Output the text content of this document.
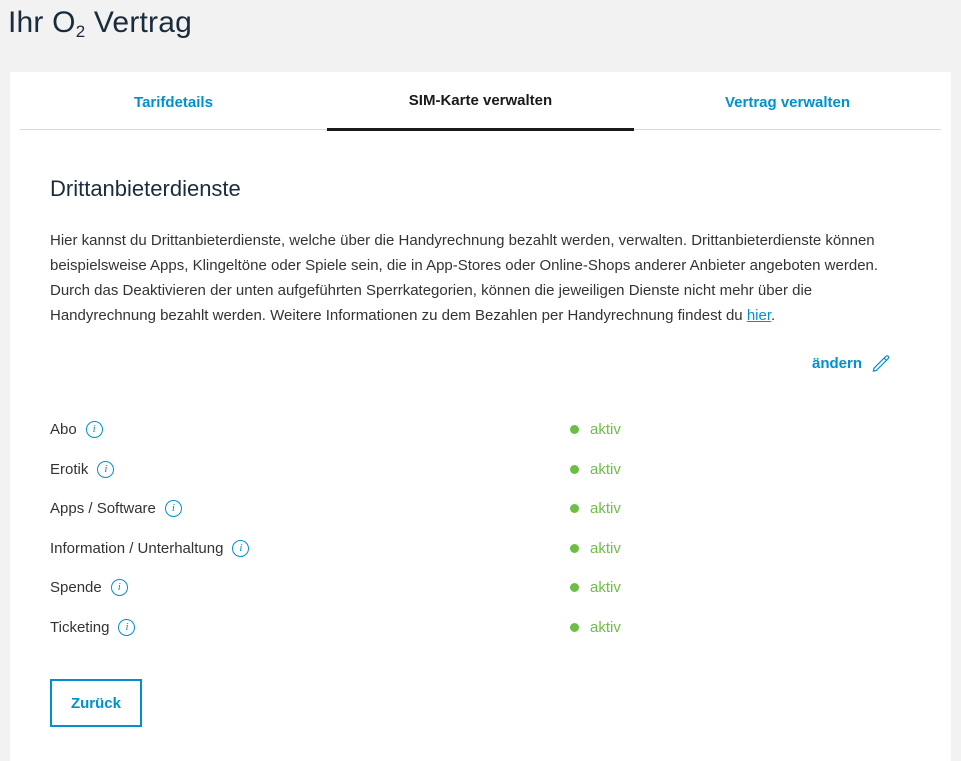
Ihr $O_2$ Vertrag
Tarifdetails	SIM-Karte verwalten	Vertrag verwalten
Drittanbieterdienste

Hier kannst du Drittanbieterdienste, welche über die Handyrechnung bezahlt werden, verwalten. Drittanbieterdienste können beispielsweise Apps, Klingeltöne oder Spiele sein, die in App-Stores oder Online-Shops anderer Anbieter angeboten werden. Durch das Deaktivieren der unten aufgeführten Sperrkategorien, können die jeweiligen Dienste nicht mehr über die Handyrechnung bezahlt werden. Weitere Informationen zu dem Bezahlen per Handyrechnung findest du hier.

ändern
Abo	i	aktiv
Erotik	i	aktiv
Apps / Software	i	aktiv
Information / Unterhaltung	i	aktiv
Spende	i	aktiv
Ticketing	i	aktiv
Zurück
